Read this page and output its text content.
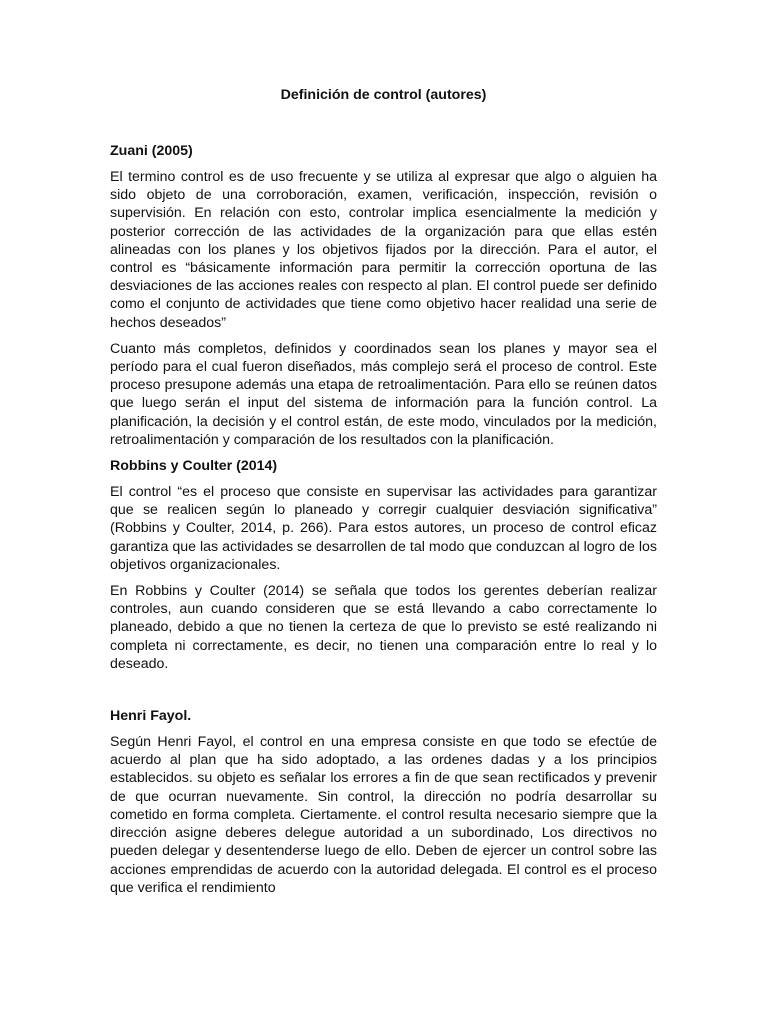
Definición de control (autores)
Zuani (2005)

El termino control es de uso frecuente y se utiliza al expresar que algo o alguien ha sido objeto de una corroboración, examen, verificación, inspección, revisión o supervisión. En relación con esto, controlar implica esencialmente la medición y posterior corrección de las actividades de la organización para que ellas estén alineadas con los planes y los objetivos fijados por la dirección. Para el autor, el control es “básicamente información para permitir la corrección oportuna de las desviaciones de las acciones reales con respecto al plan. El control puede ser definido como el conjunto de actividades que tiene como objetivo hacer realidad una serie de hechos deseados”

Cuanto más completos, definidos y coordinados sean los planes y mayor sea el período para el cual fueron diseñados, más complejo será el proceso de control. Este proceso presupone además una etapa de retroalimentación. Para ello se reúnen datos que luego serán el input del sistema de información para la función control. La planificación, la decisión y el control están, de este modo, vinculados por la medición, retroalimentación y comparación de los resultados con la planificación.

Robbins y Coulter (2014)

El control “es el proceso que consiste en supervisar las actividades para garantizar que se realicen según lo planeado y corregir cualquier desviación significativa” (Robbins y Coulter, 2014, p. 266). Para estos autores, un proceso de control eficaz garantiza que las actividades se desarrollen de tal modo que conduzcan al logro de los objetivos organizacionales.

En Robbins y Coulter (2014) se señala que todos los gerentes deberían realizar controles, aun cuando consideren que se está llevando a cabo correctamente lo planeado, debido a que no tienen la certeza de que lo previsto se esté realizando ni completa ni correctamente, es decir, no tienen una comparación entre lo real y lo deseado.

Henri Fayol.

Según Henri Fayol, el control en una empresa consiste en que todo se efectúe de acuerdo al plan que ha sido adoptado, a las ordenes dadas y a los principios establecidos. su objeto es señalar los errores a fin de que sean rectificados y prevenir de que ocurran nuevamente. Sin control, la dirección no podría desarrollar su cometido en forma completa. Ciertamente. el control resulta necesario siempre que la dirección asigne deberes delegue autoridad a un subordinado, Los directivos no pueden delegar y desentenderse luego de ello. Deben de ejercer un control sobre las acciones emprendidas de acuerdo con la autoridad delegada. El control es el proceso que verifica el rendimiento
